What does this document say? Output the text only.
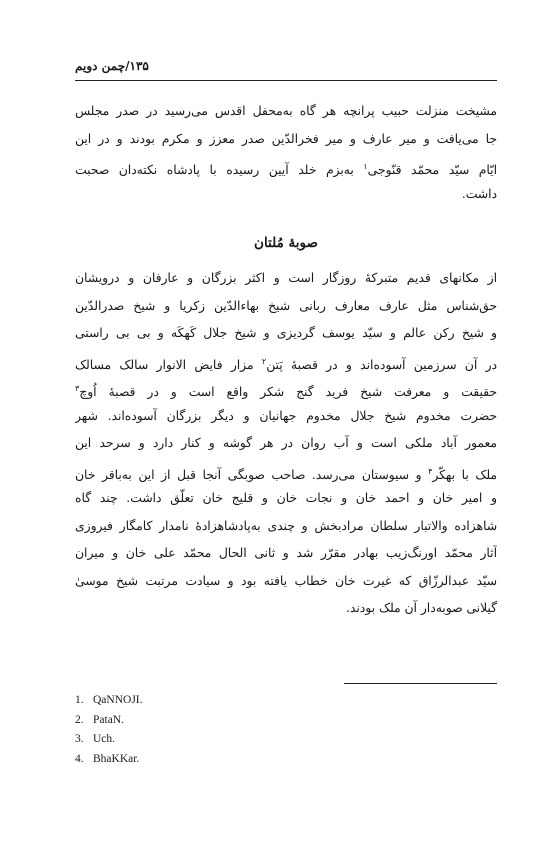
۱۳۵/چمن دویم
مشیخت منزلت حبیب پرانچه هر گاه به‌محفل اقدس می‌رسید در صدر مجلس
جا می‌یافت و میر عارف و میر فخرالدّین صدر معزز و مکرم بودند و در این
ایّام سیّد محمّد قنّوجی$^۱$ به‌بزم خلد آیین رسیده با پادشاه نکته‌دان صحبت
داشت.
صوبهٔ مُلتان
از مکانهای قدیم متبرکهٔ روزگار است و اکثر بزرگان و عارفان و درویشان
حق‌شناس مثل عارف معارف ربانی شیخ بهاءالدّین زکریا و شیخ صدرالدّین
و شیخ رکن عالم و سیّد یوسف گردیزی و شیخ جلال کَهکَه و بی بی راستی
در آن سرزمین آسوده‌اند و در قصبهٔ پَتن$^۲$ مزار فایض الانوار سالک مسالک
حقیقت و معرفت شیخ فرید گنج شکر واقع است و در قصبهٔ اُوچ$^۳$
حضرت مخدوم شیخ جلال مخدوم جهانیان و دیگر بزرگان آسوده‌اند. شهر
معمور آباد ملکی است و آب روان در هر گوشه و کنار دارد و سرحد این
ملک با بهکّر$^۴$ و سیوستان می‌رسد. صاحب صوبگی آنجا قبل از این به‌باقر خان
و امیر خان و احمد خان و نجات خان و قلیج خان تعلّق داشت. چند گاه
شاهزاده والاتبار سلطان مرادبخش و چندی به‌پادشاهزادهٔ نامدار کامگار فیروزی
آثار محمّد اورنگ‌زیب بهادر مقرّر شد و ثانی الحال محمّد علی خان و میران
سیّد عبدالرزّاق که غیرت خان خطاب یافته بود و سیادت مرتبت شیخ موسیٰ
گیلانی صوبه‌دار آن ملک بودند.
1. QaNNOJI.
2. PataN.
3. Uch.
4. BhaKKar.
